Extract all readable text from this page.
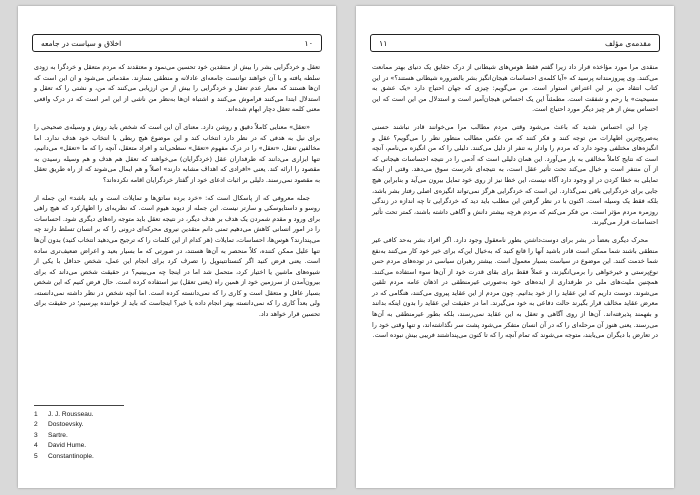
۱۰
اخلاق و سیاست در جامعه

تعقل و خردگرایی بشر را بیش از منتقدین خود تحسین می‌نمود و معتقدند که مردم متعقل و خردگرا به‌ زودی سلطه یافته و با آن خواهند توانست جامعه‌ای عادلانه و منطقی بسازند. مقدماتی می‌شود و ان این است که ان‌ها هستند که معیار عدم تعقل و خردگرایی را بیش از من ارزیابی می‌کنند که من، و نشتی را که تعقل و استدلال ابتدا می‌کنند فراموش می‌کنند و اشتباه ان‌ها به‌نظر من ناشی از این امر است که در درک واقعی معنی کلمه تعقل دچار ابهام شده‌اند.

«تعقل» معنایی کاملاً دقیق و روشن دارد. معنای آن این است که شخص باید روش و وسیله‌ی صحیحی را برای نیل به هدفی که در نظر دارد انتخاب کند و این موضوع هیچ ربطی با انتخاب خود هدف ندارد. اما مخالفین تعقل، «تعقل» را در درک مفهوم «تعقل» سطحی‌اند و افراد متعقل، آنچه را که ما «تعقل» می‌دانیم، تنها ابزاری می‌دانند که طرفداران عقل (خردگرایان) می‌خواهند که تعقل هم هدف و هم وسیله رسیدن به مقصود را ارائه کند. یعنی «افرادی که اهداف مشابه دارند» اصلاً و هم ایمال می‌شوند که از راه طریق تعقل به مقصود نمی‌رسند. دلیلی بر اثبات ادعای خود از گفتار خردگرایان اقامه نکرده‌اند؟

جمله معروفی که از پاسکال است که: «خرد برده ساتق‌ها و تمایلات است و باید باشد» این جمله از روسو و داستایوسکی و سارتر نیست. این جمله از دیوید هیوم است. که نظریه‌ای را اظهارکرد که هیچ راهی برای ورود و مقدم شمردن یک هدف بر هدف دیگر، در نتیجه تعقل باید متوجه راه‌های دیگری شود. احساسات را در امور انسانی کاهش می‌دهیم تمنی دانم متقدین نیروی محرکه‌ای درونی را که بر انسان تسلط دارند چه می‌پندارند؟ هوس‌ها، احساسات، تمایلات (هر کدام از این کلمات را که ترجیح می‌دهید انتخاب کنید) بدون آن‌ها تنها علیل ممکن کننده، کلاً منحصر به آن‌ها هستند، در صورتی که ما بسیار بعید و اعراض ضعیف‌تری ساده است. یعنی فرض کنید اگر کنستانتینوپل را تصرف کرد برای انجام این عمل، شخص حداقل با یکی از شیوه‌های ماشین یا اختیار کرد، متحمل شد اما در اینجا چه می‌بینیم؟ در حقیقت شخص می‌داند که برای بیرون‌آمدن از سرزمین خود از همین راه (یعنی تعقل) نیز استفاده کرده است. حال فرض کنیم که این شخص بسیار عاقل و متعقل است و کاری را که نمی‌دانسته کرده است. اما آنچه شخص در نظر داشته نمی‌دانسته، ولی بعداً کاری را که نمی‌دانسته بهتر انجام داده یا خیر؟ اینجاست که باید از خواننده بپرسیم؛ در حقیقت برای تحسین قرار خواهد داد.

1	J. J. Rousseau.
2	Dostoevsky.
3	Sartre.
4	David Hume.
5	Constantinople.
مقدمه‌ی مؤلف
۱۱

منقدی مرا مورد مؤاخذه قرار داد زیرا گفتم فقط هوس‌های شیطانی از درک حقایق یک دنیای بهتر ممانعت می‌کنند. وی پیروزمندانه پرسید که «آیا کلمه‌ی احساسات هیجان‌انگیز بشر بالضروره شیطانی هستند؟» در این کتاب انتقاد من بر این اعتراض استوار است. من می‌گویم: چیزی که جهان احتیاج دارد «یک عشق به مسیحیت» یا رحم و شفقت است. مطمئناً این یک احساس هیجان‌آمیز است و استدلال من این است که این احساس بیش از هر چیز دیگر مورد احتیاج است.

چرا این احساس شدید که باعث می‌شود وقتی مردم مطالب مرا می‌خوانند قادر نباشند حسنی به‌صریح‌ترین اظهارات من توجه کنند و فکر کنند که من عکس مطالب منظور نظر را می‌گویم؟ عقل و انگیزه‌های مختلفی وجود دارد که مردم را وادار به تنفر از دلیل می‌کنند. دلیلی را که من انگیزه می‌نامم، آنچه است که نتایج کاملاً مخالفی به بار می‌آورد. این همان دلیلی است که آدمی را در نتیجه احساسات هیجانی که از آن متنفر است و خیال می‌کند تحت تأثیر عقل است، به نتیجه‌ای نادرست سوق می‌دهد. وقتی از اینکه تمایلی به خطا کردن در او وجود دارد آگاه نیست، این خطا نیز از روی خود تمایل بیرون می‌آید و بنابراین هیچ جایی برای خردگرایی باقی نمی‌گذارد. این است که خردگرایی هرگز نمی‌تواند انگیزه‌ی اصلی رفتار بشر باشد، بلکه فقط یک وسیله است. اکنون با در نظر گرفتن این مطلب باید دید که خردگرایی تا چه اندازه در زندگی روزمره مردم مؤثر است. من فکر می‌کنم که مردم هرچه بیشتر دانش و آگاهی داشته باشند، کمتر تحت تأثیر احساسات قرار می‌گیرند.

محرک دیگری بعضاً در بشر برای دوست‌داشتن بطور نامعقول وجود دارد. اگر افراد بشر به‌حد کافی غیر منطقی باشند شما ممکن است قادر باشید آنها را قانع کنید که به‌خیال این‌که برای خیر خود کار می‌کنند به‌نفع شما خدمت کنند. این موضوع در سیاست بسیار معمول است. بیشتر رهبران سیاسی در توده‌های مردم حس نوع‌پرستی و خیرخواهی را برمی‌انگیزند، و عملاً فقط برای بقای قدرت خود از آن‌ها سوء استفاده می‌کنند. همچنین ملیت‌های ملی در طرفداری از ایده‌های خود به‌صورتی غیرمنطقی در اذهان عامه مردم تلقین می‌شوند. دوست داریم که این عقاید را از خود بدانیم. چون مردم از این عقاید پیروی می‌کنند، هنگامی که در معرض عقاید مخالف قرار بگیرند حالت دفاعی به خود می‌گیرند. اما در حقیقت این عقاید را بدون اینکه بدانند و بفهمند پذیرفته‌اند. آن‌ها از روی آگاهی و تعقل به این عقاید نمی‌رسند، بلکه بطور غیرمنطقی به آن‌ها می‌رسند. یعنی هنوز آن مرحله‌ای را که در آن انسان متفکر می‌شود پشت سر نگذاشته‌اند، و تنها وقتی خود را در تعارض با دیگران می‌یابند، متوجه می‌شوند که تمام آنچه را که تا کنون می‌پنداشتند فریبی بیش نبوده است.
